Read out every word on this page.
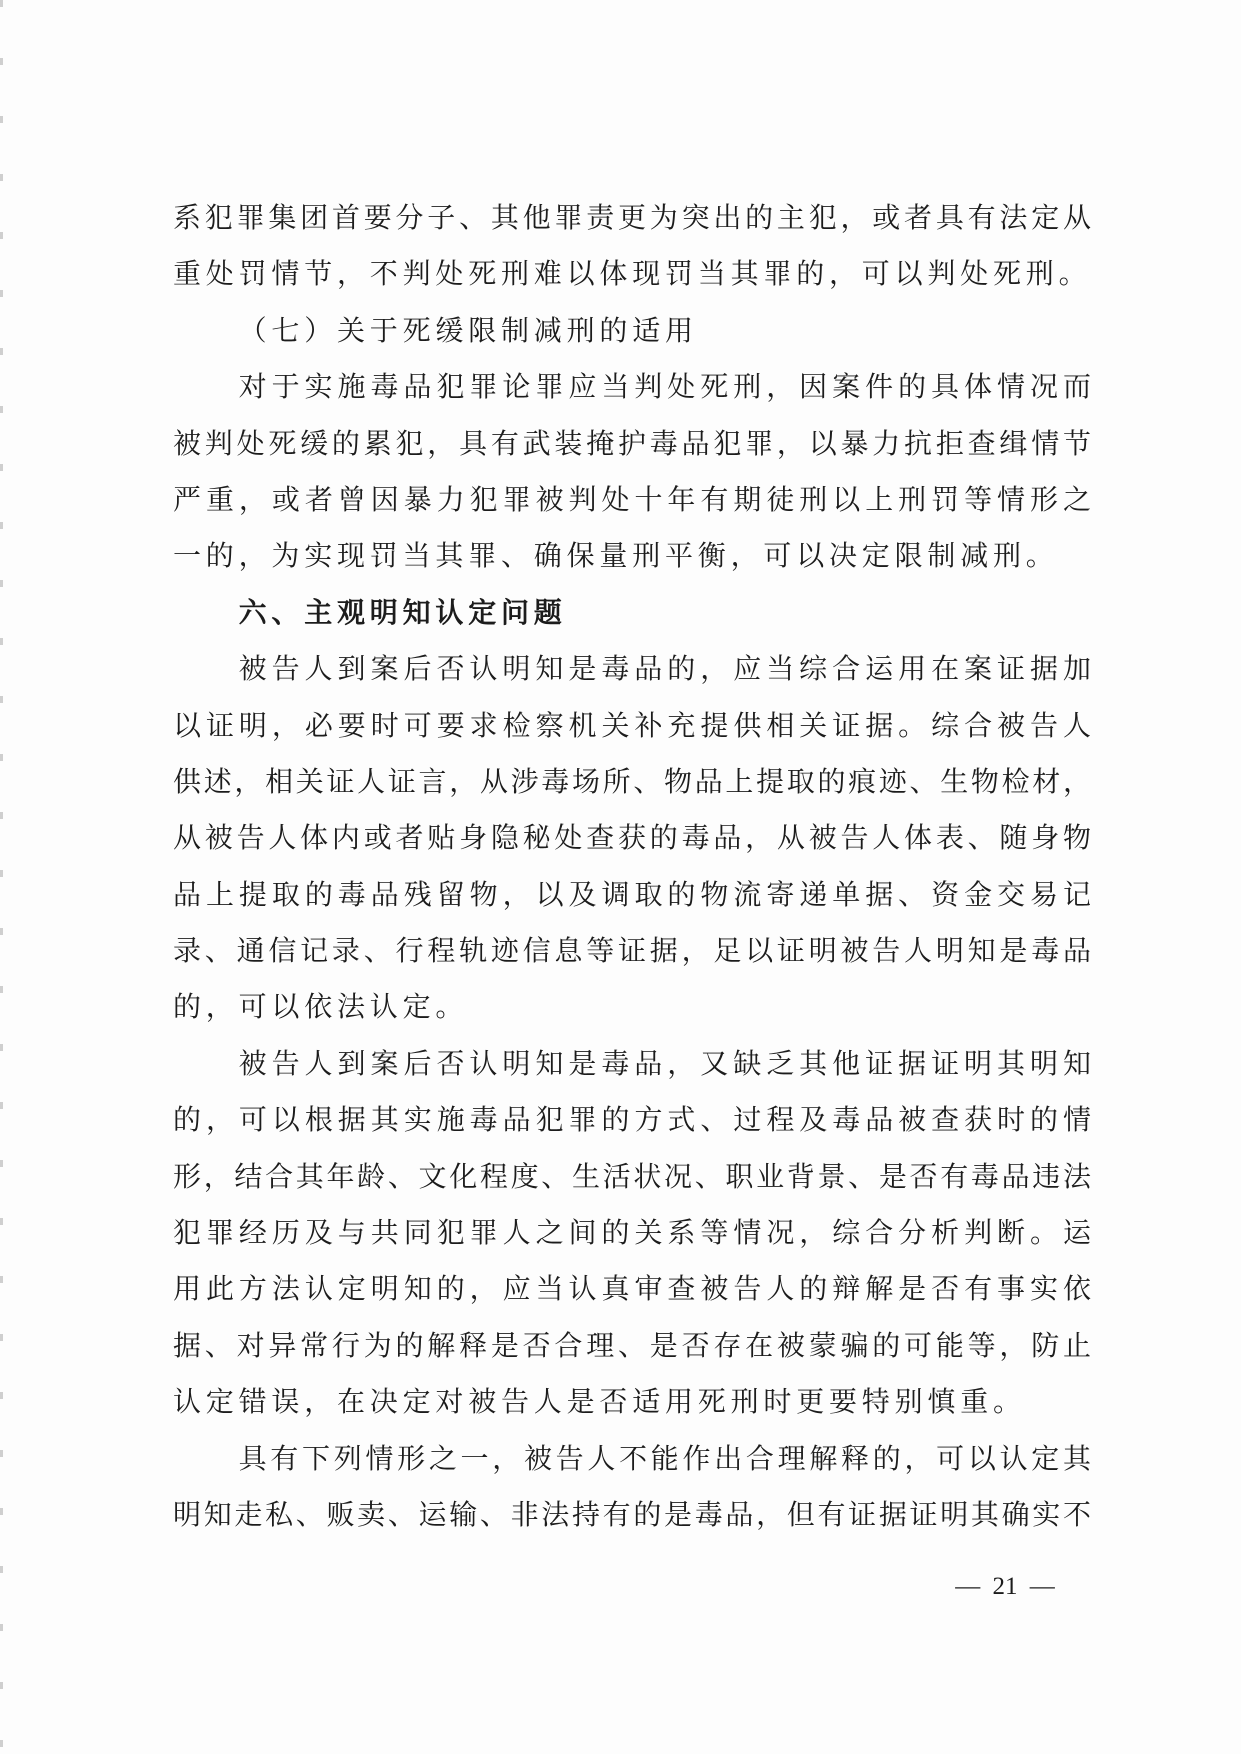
系犯罪集团首要分子、其他罪责更为突出的主犯，或者具有法定从
重处罚情节，不判处死刑难以体现罚当其罪的，可以判处死刑。
（七）关于死缓限制减刑的适用
对于实施毒品犯罪论罪应当判处死刑，因案件的具体情况而
被判处死缓的累犯，具有武装掩护毒品犯罪，以暴力抗拒查缉情节
严重，或者曾因暴力犯罪被判处十年有期徒刑以上刑罚等情形之
一的，为实现罚当其罪、确保量刑平衡，可以决定限制减刑。
六、主观明知认定问题
被告人到案后否认明知是毒品的，应当综合运用在案证据加
以证明，必要时可要求检察机关补充提供相关证据。综合被告人
供述，相关证人证言，从涉毒场所、物品上提取的痕迹、生物检材，
从被告人体内或者贴身隐秘处查获的毒品，从被告人体表、随身物
品上提取的毒品残留物，以及调取的物流寄递单据、资金交易记
录、通信记录、行程轨迹信息等证据，足以证明被告人明知是毒品
的，可以依法认定。
被告人到案后否认明知是毒品，又缺乏其他证据证明其明知
的，可以根据其实施毒品犯罪的方式、过程及毒品被查获时的情
形，结合其年龄、文化程度、生活状况、职业背景、是否有毒品违法
犯罪经历及与共同犯罪人之间的关系等情况，综合分析判断。运
用此方法认定明知的，应当认真审查被告人的辩解是否有事实依
据、对异常行为的解释是否合理、是否存在被蒙骗的可能等，防止
认定错误，在决定对被告人是否适用死刑时更要特别慎重。
具有下列情形之一，被告人不能作出合理解释的，可以认定其
明知走私、贩卖、运输、非法持有的是毒品，但有证据证明其确实不
— 21 —
